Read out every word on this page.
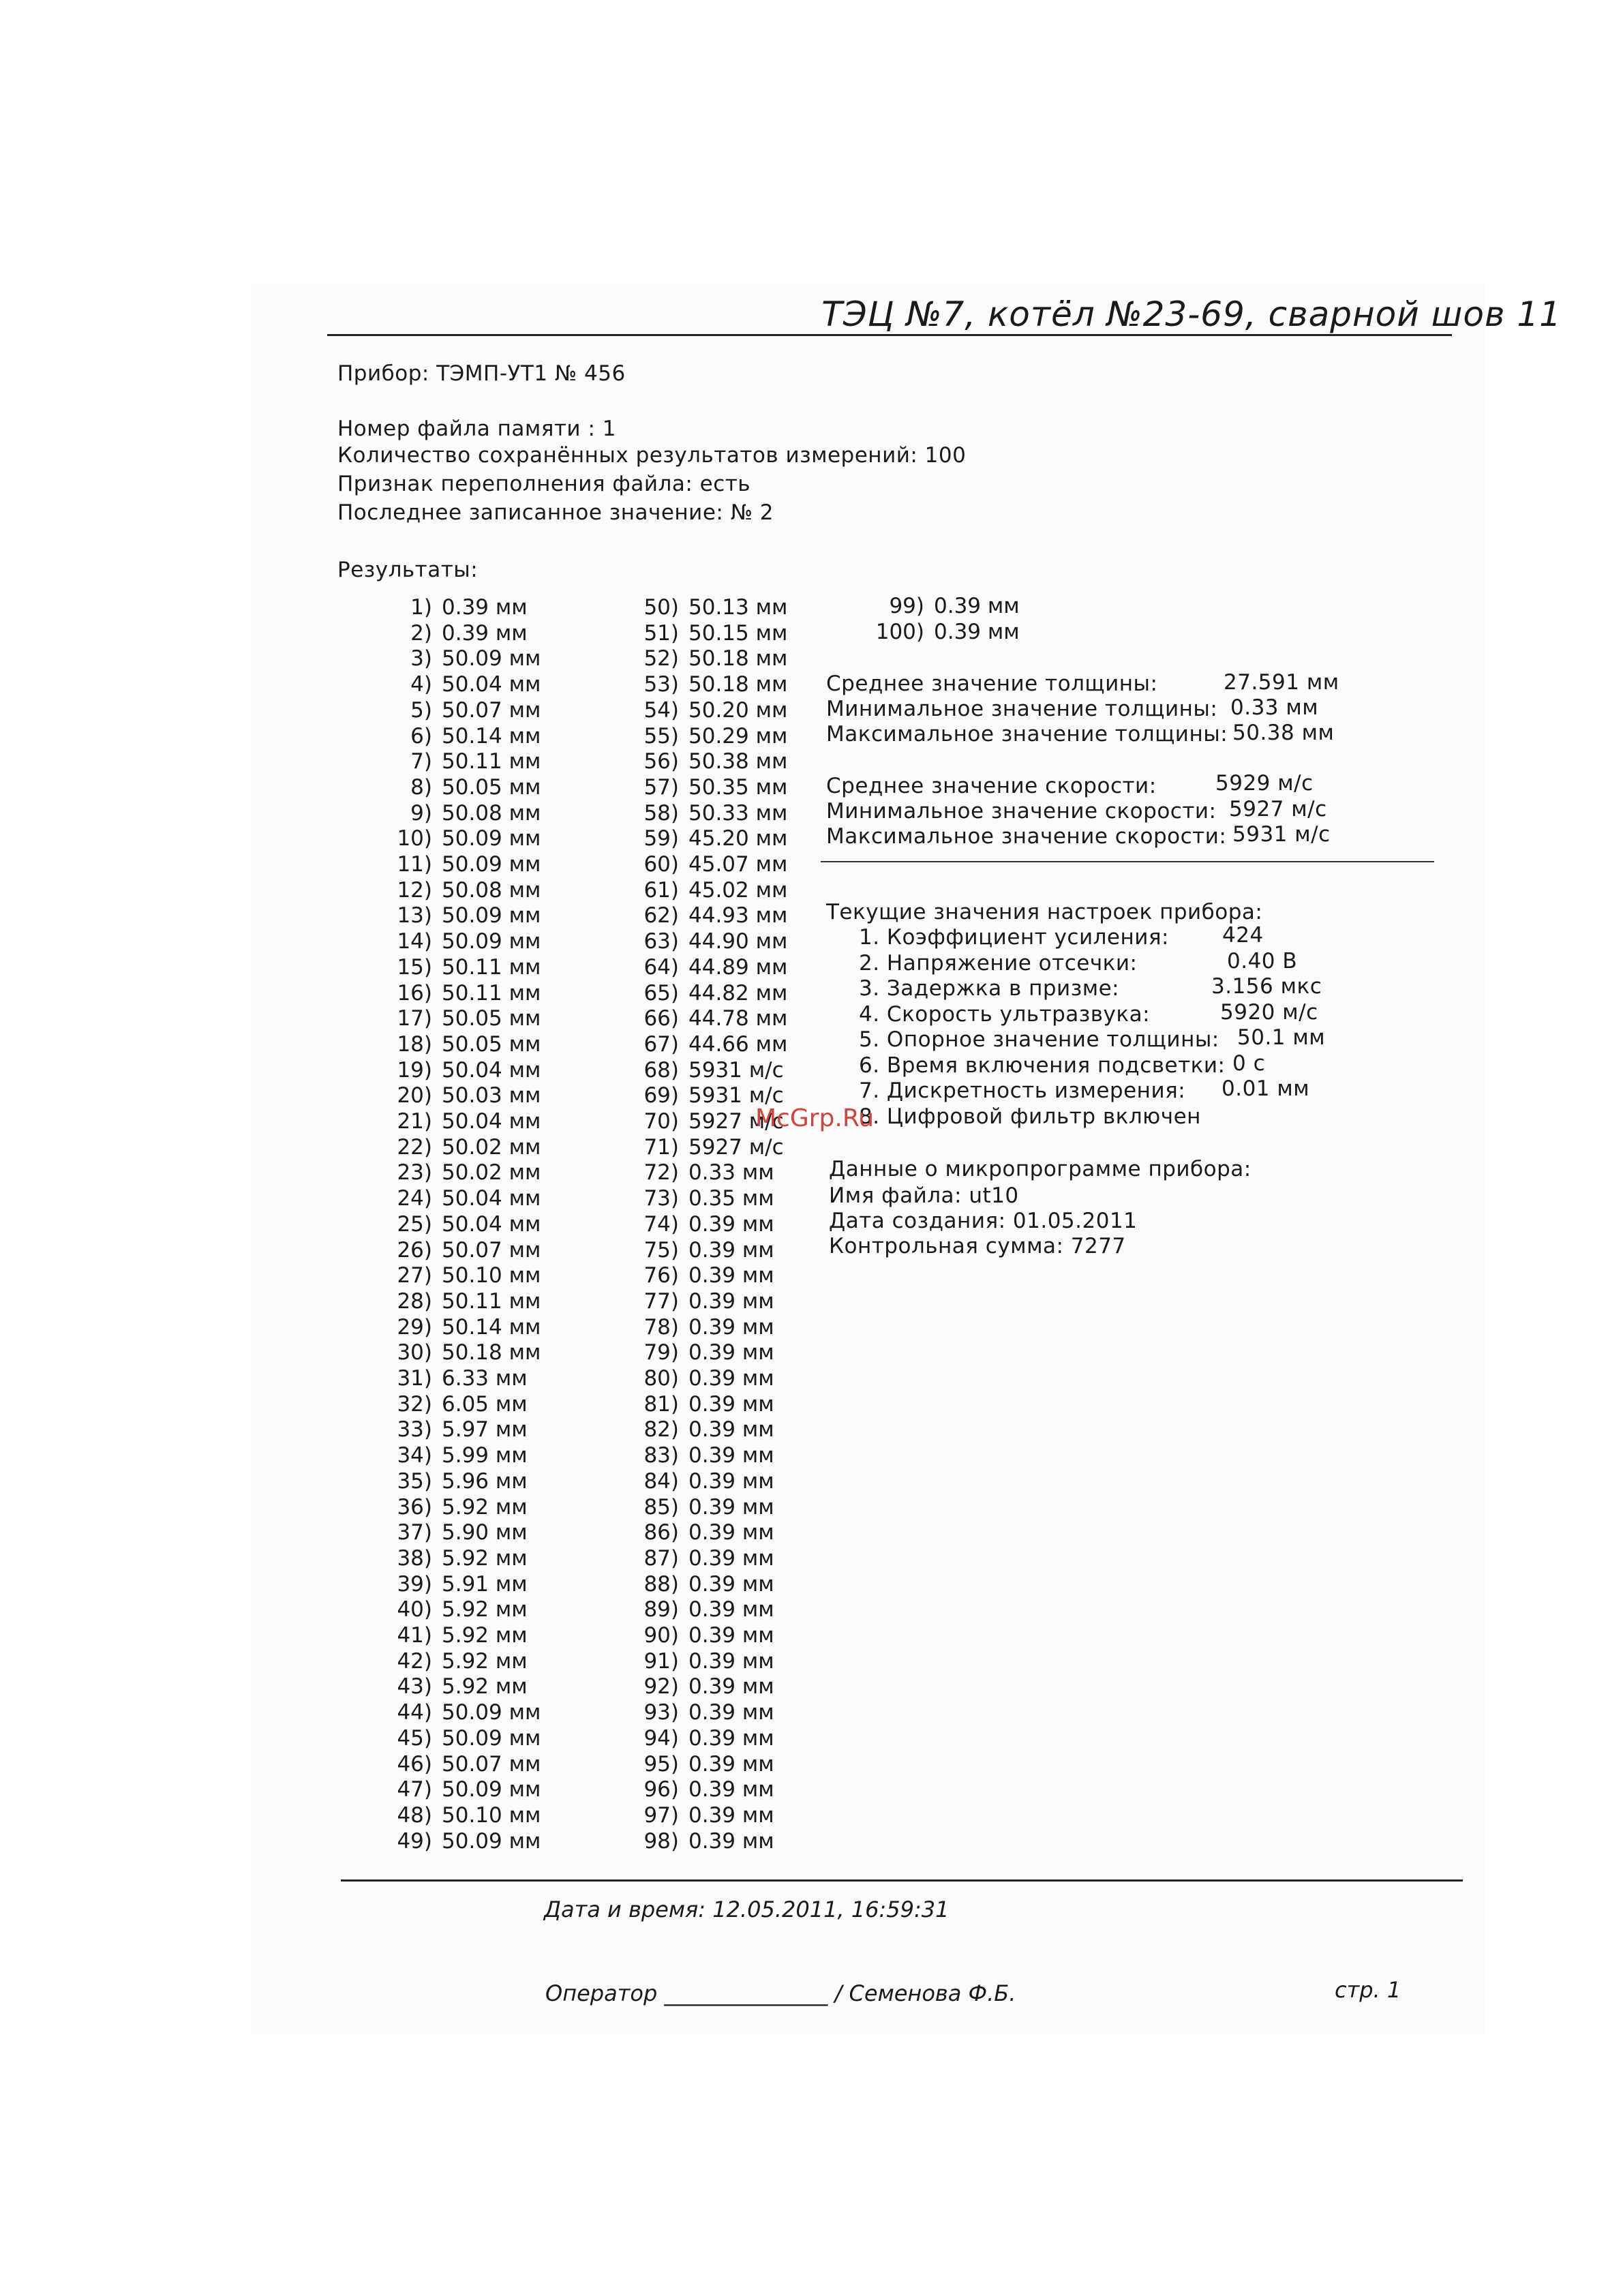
ТЭЦ №7, котёл №23-69, сварной шов 11
Прибор: ТЭМП-УТ1 № 456
Номер файла памяти : 1
Количество сохранённых результатов измерений: 100
Признак переполнения файла: есть
Последнее записанное значение: № 2
Результаты:
1) 0.39 мм
2) 0.39 мм
3) 50.09 мм
4) 50.04 мм
5) 50.07 мм
6) 50.14 мм
7) 50.11 мм
8) 50.05 мм
9) 50.08 мм
10) 50.09 мм
11) 50.09 мм
12) 50.08 мм
13) 50.09 мм
14) 50.09 мм
15) 50.11 мм
16) 50.11 мм
17) 50.05 мм
18) 50.05 мм
19) 50.04 мм
20) 50.03 мм
21) 50.04 мм
22) 50.02 мм
23) 50.02 мм
24) 50.04 мм
25) 50.04 мм
26) 50.07 мм
27) 50.10 мм
28) 50.11 мм
29) 50.14 мм
30) 50.18 мм
31) 6.33 мм
32) 6.05 мм
33) 5.97 мм
34) 5.99 мм
35) 5.96 мм
36) 5.92 мм
37) 5.90 мм
38) 5.92 мм
39) 5.91 мм
40) 5.92 мм
41) 5.92 мм
42) 5.92 мм
43) 5.92 мм
44) 50.09 мм
45) 50.09 мм
46) 50.07 мм
47) 50.09 мм
48) 50.10 мм
49) 50.09 мм
50) 50.13 мм
51) 50.15 мм
52) 50.18 мм
53) 50.18 мм
54) 50.20 мм
55) 50.29 мм
56) 50.38 мм
57) 50.35 мм
58) 50.33 мм
59) 45.20 мм
60) 45.07 мм
61) 45.02 мм
62) 44.93 мм
63) 44.90 мм
64) 44.89 мм
65) 44.82 мм
66) 44.78 мм
67) 44.66 мм
68) 5931 м/с
69) 5931 м/с
70) 5927 м/с
71) 5927 м/с
72) 0.33 мм
73) 0.35 мм
74) 0.39 мм
75) 0.39 мм
76) 0.39 мм
77) 0.39 мм
78) 0.39 мм
79) 0.39 мм
80) 0.39 мм
81) 0.39 мм
82) 0.39 мм
83) 0.39 мм
84) 0.39 мм
85) 0.39 мм
86) 0.39 мм
87) 0.39 мм
88) 0.39 мм
89) 0.39 мм
90) 0.39 мм
91) 0.39 мм
92) 0.39 мм
93) 0.39 мм
94) 0.39 мм
95) 0.39 мм
96) 0.39 мм
97) 0.39 мм
98) 0.39 мм
99) 0.39 мм
100) 0.39 мм
Среднее значение толщины:	27.591 мм
Минимальное значение толщины: 0.33 мм
Максимальное значение толщины: 50.38 мм
Среднее значение скорости:	5929 м/с
Минимальное значение скорости: 5927 м/с
Максимальное значение скорости: 5931 м/с
Текущие значения настроек прибора:
1. Коэффициент усиления:	424
2. Напряжение отсечки:	0.40 В
3. Задержка в призме:	3.156 мкс
4. Скорость ультразвука:	5920 м/с
5. Опорное значение толщины: 50.1 мм
6. Время включения подсветки: 0 с
7. Дискретность измерения: 0.01 мм
8. Цифровой фильтр включен
Данные о микропрограмме прибора:
Имя файла: ut10
Дата создания: 01.05.2011
Контрольная сумма: 7277
Дата и время: 12.05.2011, 16:59:31
Оператор _______________ / Семенова Ф.Б.	стр. 1
McGrp.Ru
